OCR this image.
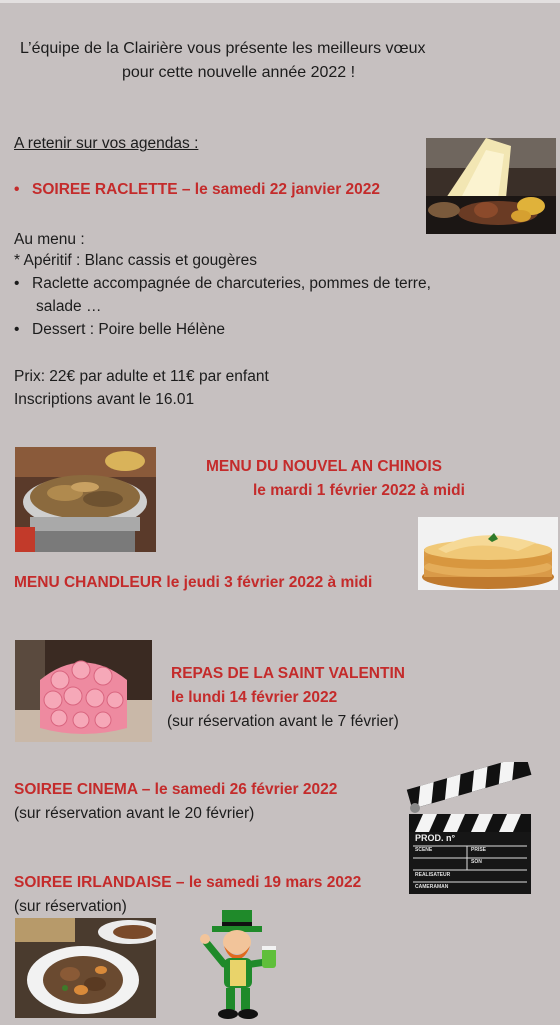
L’équipe de la Clairière vous présente les meilleurs vœux
pour cette nouvelle année 2022 !
A retenir sur vos agendas :
• SOIREE RACLETTE – le samedi 22 janvier 2022
Au menu :
* Apéritif : Blanc cassis et gougères
• Raclette accompagnée de charcuteries, pommes de terre,
salade …
• Dessert : Poire belle Hélène
Prix: 22€ par adulte et 11€ par enfant
Inscriptions avant le 16.01
MENU DU NOUVEL AN CHINOIS
le mardi 1 février 2022 à midi
MENU CHANDLEUR le jeudi 3 février 2022 à midi
REPAS DE LA SAINT VALENTIN
le lundi 14 février 2022
(sur réservation avant le 7 février)
SOIREE CINEMA – le samedi 26 février 2022
(sur réservation avant le 20 février)
PROD. n°
SCENE	PRISE
SON
REALISATEUR
CAMERAMAN
SOIREE IRLANDAISE – le samedi 19 mars 2022
(sur réservation)
